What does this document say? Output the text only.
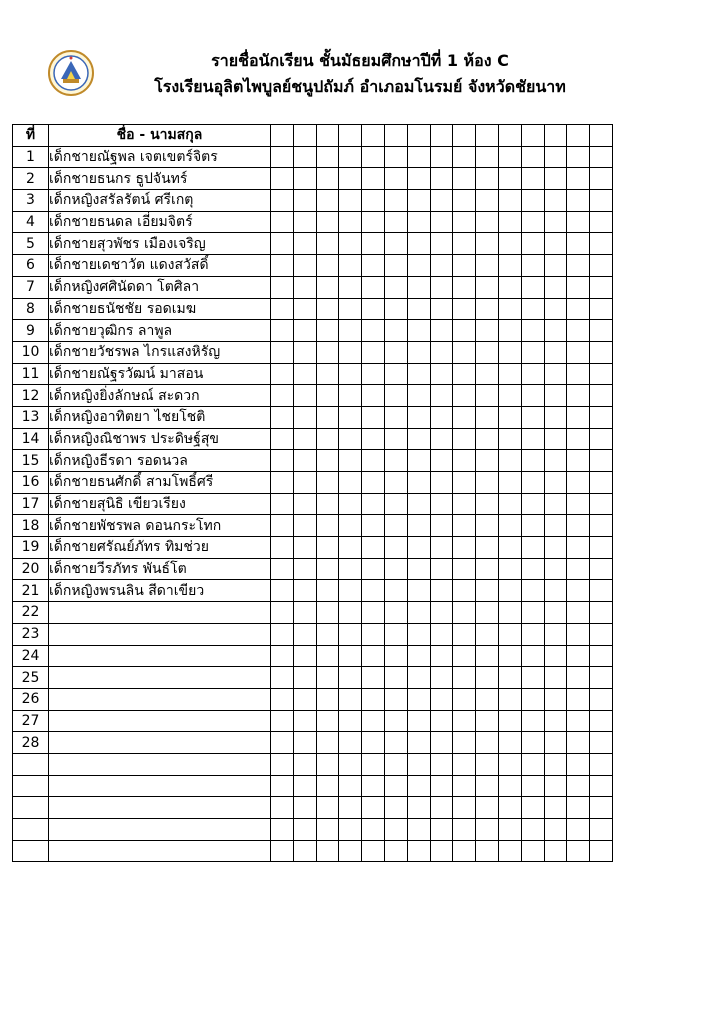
รายชื่อนักเรียน ชั้นมัธยมศึกษาปีที่ 1 ห้อง C
โรงเรียนอุลิตไพบูลย์ชนูปถัมภ์ อำเภอมโนรมย์ จังหวัดชัยนาท
ที่	ชื่อ - นามสกุล															
1	เด็กชายณัฐพล เจตเขตร์จิตร															
2	เด็กชายธนกร ธูปจันทร์															
3	เด็กหญิงสรัลรัตน์ ศรีเกตุ															
4	เด็กชายธนดล เอี่ยมจิตร์															
5	เด็กชายสุวพัชร เมืองเจริญ															
6	เด็กชายเดชาวัต แดงสวัสดิ์															
7	เด็กหญิงศศินัดดา โตศิลา															
8	เด็กชายธนัชชัย รอดเมฆ															
9	เด็กชายวุฒิกร ลาพูล															
10	เด็กชายวัชรพล ไกรแสงหิรัญ															
11	เด็กชายณัฐรวัฒน์ มาสอน															
12	เด็กหญิงยิ่งลักษณ์ สะดวก															
13	เด็กหญิงอาทิตยา ไชยโชติ															
14	เด็กหญิงณิชาพร ประดิษฐ์สุข															
15	เด็กหญิงธีรดา รอดนวล															
16	เด็กชายธนศักดิ์ สามโพธิ์ศรี															
17	เด็กชายสุนิธิ เขียวเรียง															
18	เด็กชายพัชรพล ดอนกระโทก															
19	เด็กชายศรัณย์ภัทร ทิมช่วย															
20	เด็กชายวีรภัทร พันธ์โต															
21	เด็กหญิงพรนลิน สีดาเขียว															
22																
23																
24																
25																
26																
27																
28																
